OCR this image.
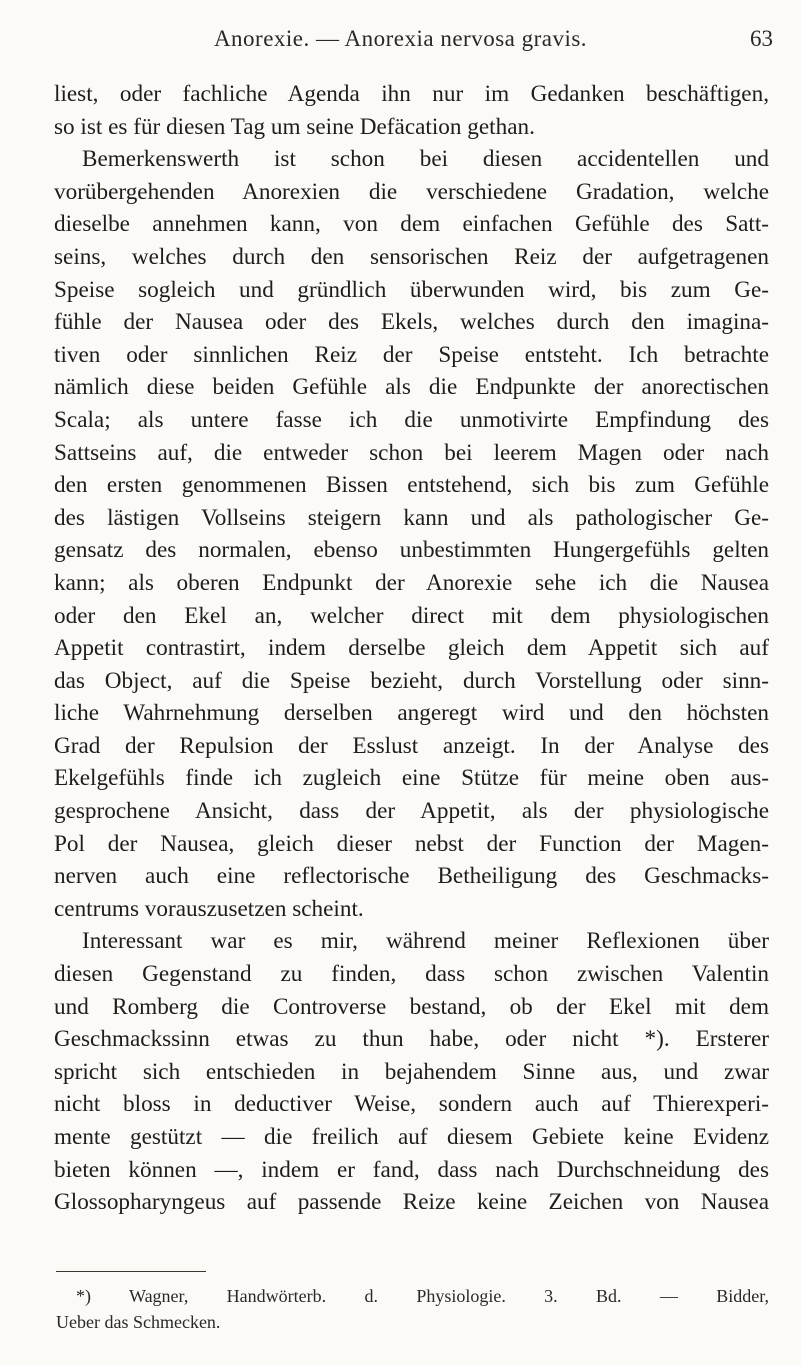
Anorexie. — Anorexia nervosa gravis.	63
liest, oder fachliche Agenda ihn nur im Gedanken beschäftigen,
so ist es für diesen Tag um seine Defäcation gethan.
Bemerkenswerth ist schon bei diesen accidentellen und
vorübergehenden Anorexien die verschiedene Gradation, welche
dieselbe annehmen kann, von dem einfachen Gefühle des Satt-
seins, welches durch den sensorischen Reiz der aufgetragenen
Speise sogleich und gründlich überwunden wird, bis zum Ge-
fühle der Nausea oder des Ekels, welches durch den imagina-
tiven oder sinnlichen Reiz der Speise entsteht. Ich betrachte
nämlich diese beiden Gefühle als die Endpunkte der anorectischen
Scala; als untere fasse ich die unmotivirte Empfindung des
Sattseins auf, die entweder schon bei leerem Magen oder nach
den ersten genommenen Bissen entstehend, sich bis zum Gefühle
des lästigen Vollseins steigern kann und als pathologischer Ge-
gensatz des normalen, ebenso unbestimmten Hungergefühls gelten
kann; als oberen Endpunkt der Anorexie sehe ich die Nausea
oder den Ekel an, welcher direct mit dem physiologischen
Appetit contrastirt, indem derselbe gleich dem Appetit sich auf
das Object, auf die Speise bezieht, durch Vorstellung oder sinn-
liche Wahrnehmung derselben angeregt wird und den höchsten
Grad der Repulsion der Esslust anzeigt. In der Analyse des
Ekelgefühls finde ich zugleich eine Stütze für meine oben aus-
gesprochene Ansicht, dass der Appetit, als der physiologische
Pol der Nausea, gleich dieser nebst der Function der Magen-
nerven auch eine reflectorische Betheiligung des Geschmacks-
centrums vorauszusetzen scheint.
Interessant war es mir, während meiner Reflexionen über
diesen Gegenstand zu finden, dass schon zwischen Valentin
und Romberg die Controverse bestand, ob der Ekel mit dem
Geschmackssinn etwas zu thun habe, oder nicht *). Ersterer
spricht sich entschieden in bejahendem Sinne aus, und zwar
nicht bloss in deductiver Weise, sondern auch auf Thierexperi-
mente gestützt — die freilich auf diesem Gebiete keine Evidenz
bieten können —, indem er fand, dass nach Durchschneidung des
Glossopharyngeus auf passende Reize keine Zeichen von Nausea
*) Wagner, Handwörterb. d. Physiologie. 3. Bd. — Bidder,
Ueber das Schmecken.
